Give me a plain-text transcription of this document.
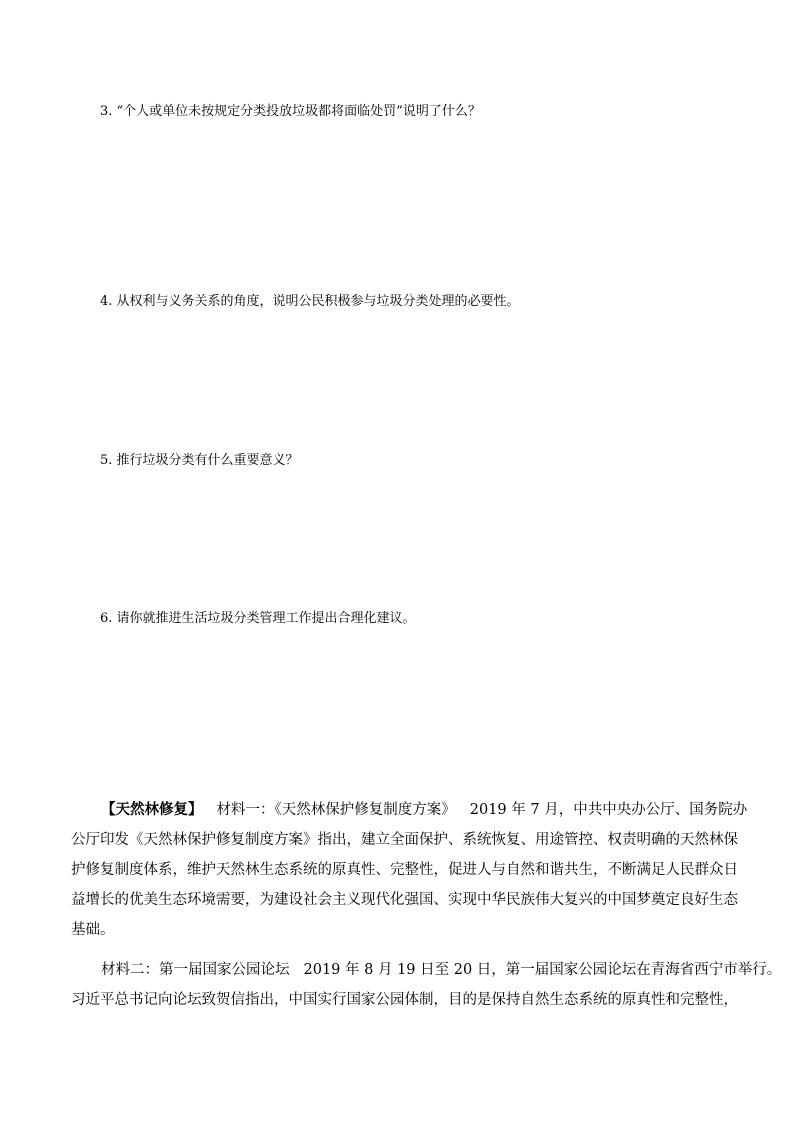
3. “个人或单位未按规定分类投放垃圾都将面临处罚”说明了什么？
4. 从权利与义务关系的角度，说明公民积极参与垃圾分类处理的必要性。
5. 推行垃圾分类有什么重要意义？
6. 请你就推进生活垃圾分类管理工作提出合理化建议。
【天然林修复】 材料一：《天然林保护修复制度方案》 2019 年 7 月，中共中央办公厅、国务院办
公厅印发《天然林保护修复制度方案》指出，建立全面保护、系统恢复、用途管控、权责明确的天然林保
护修复制度体系，维护天然林生态系统的原真性、完整性，促进人与自然和谐共生，不断满足人民群众日
益增长的优美生态环境需要，为建设社会主义现代化强国、实现中华民族伟大复兴的中国梦奠定良好生态
基础。
材料二：第一届国家公园论坛 2019 年 8 月 19 日至 20 日，第一届国家公园论坛在青海省西宁市举行。
习近平总书记向论坛致贺信指出，中国实行国家公园体制，目的是保持自然生态系统的原真性和完整性，
